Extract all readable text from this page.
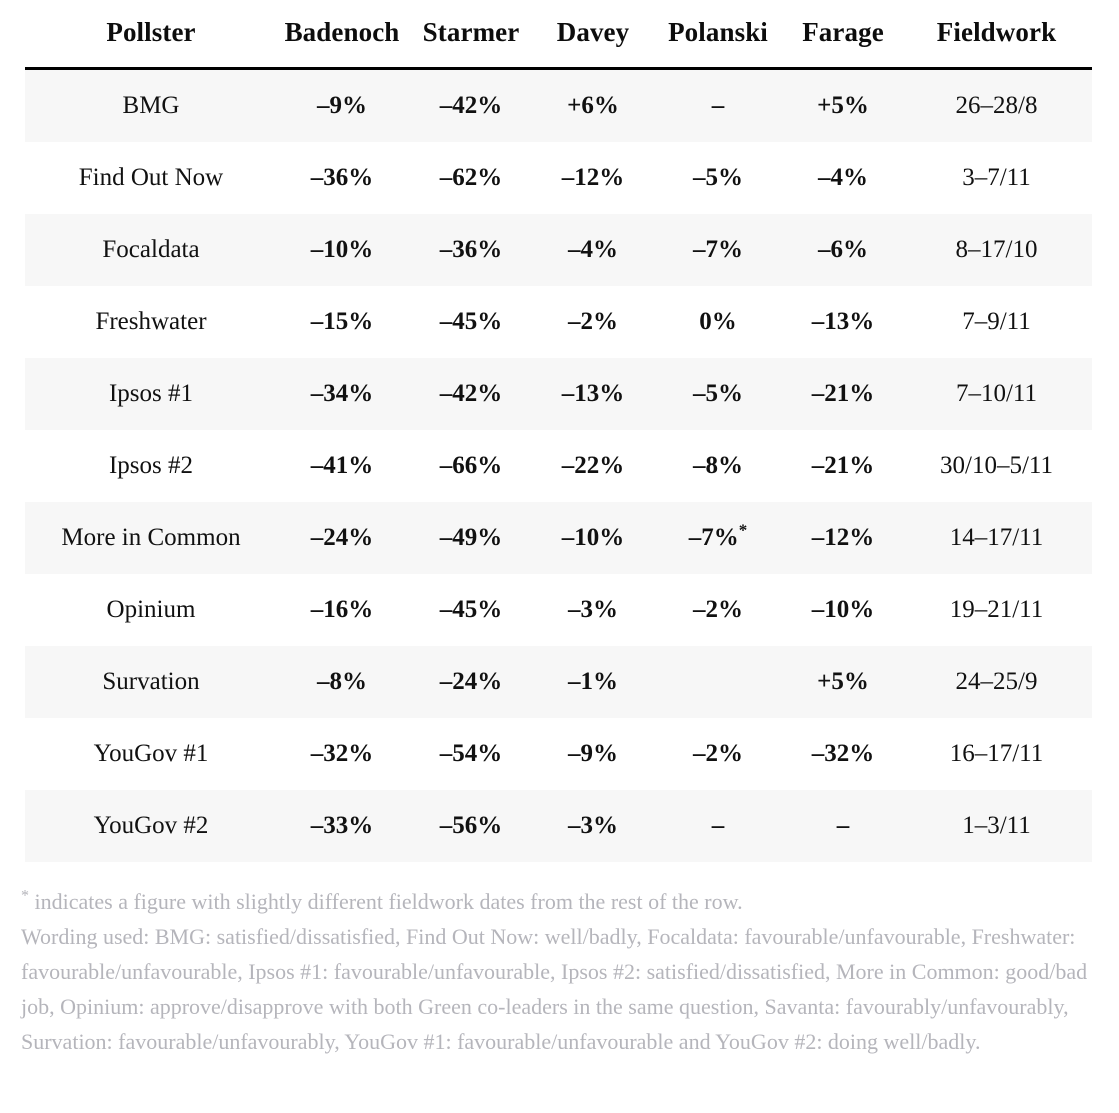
Pollster	Badenoch	Starmer	Davey	Polanski	Farage	Fieldwork
BMG	–9%	–42%	+6%	–	+5%	26–28/8
Find Out Now	–36%	–62%	–12%	–5%	–4%	3–7/11
Focaldata	–10%	–36%	–4%	–7%	–6%	8–17/10
Freshwater	–15%	–45%	–2%	0%	–13%	7–9/11
Ipsos #1	–34%	–42%	–13%	–5%	–21%	7–10/11
Ipsos #2	–41%	–66%	–22%	–8%	–21%	30/10–5/11
More in Common	–24%	–49%	–10%	–7%*	–12%	14–17/11
Opinium	–16%	–45%	–3%	–2%	–10%	19–21/11
Survation	–8%	–24%	–1%		+5%	24–25/9
YouGov #1	–32%	–54%	–9%	–2%	–32%	16–17/11
YouGov #2	–33%	–56%	–3%	–	–	1–3/11
* indicates a figure with slightly different fieldwork dates from the rest of the row.
Wording used: BMG: satisfied/dissatisfied, Find Out Now: well/badly, Focaldata: favourable/unfavourable, Freshwater: favourable/unfavourable, Ipsos #1: favourable/unfavourable, Ipsos #2: satisfied/dissatisfied, More in Common: good/bad job, Opinium: approve/disapprove with both Green co-leaders in the same question, Savanta: favourably/unfavourably, Survation: favourable/unfavourably, YouGov #1: favourable/unfavourable and YouGov #2: doing well/badly.
